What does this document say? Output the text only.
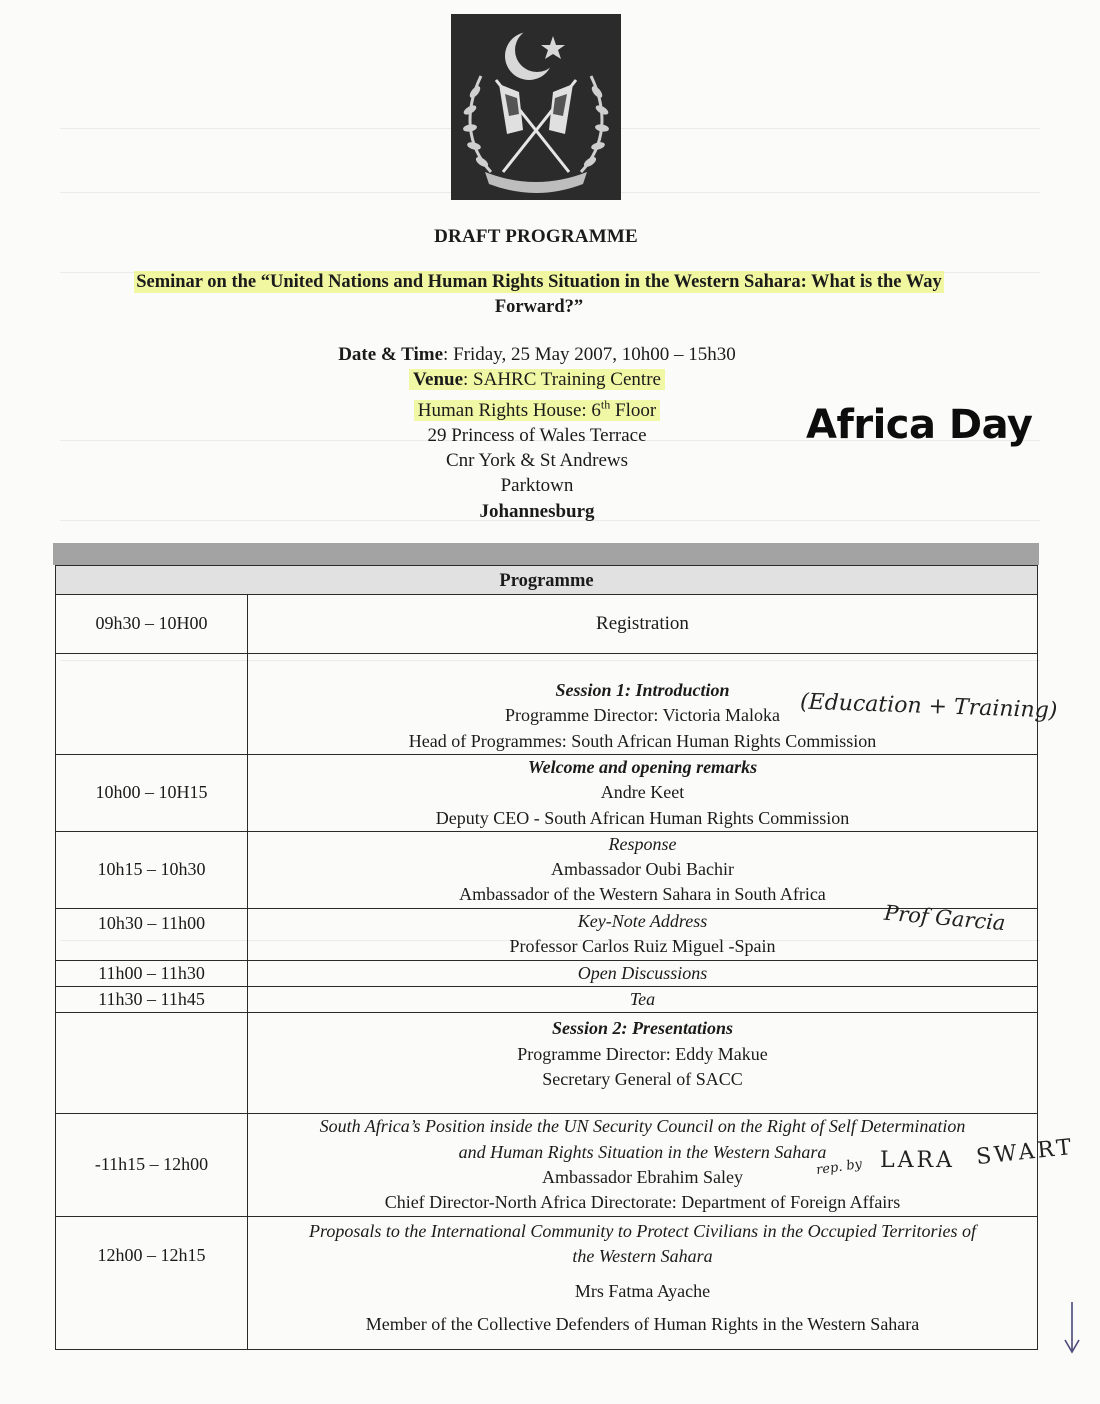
DRAFT PROGRAMME
Seminar on the “United Nations and Human Rights Situation in the Western Sahara: What is the Way
Forward?”
Date & Time: Friday, 25 May 2007, 10h00 – 15h30
Venue: SAHRC Training Centre
Human Rights House: 6th Floor
29 Princess of Wales Terrace
Cnr York & St Andrews
Parktown
Johannesburg
Africa Day
Programme	
09h30 – 10H00	Registration

	Session 1: Introduction
Programme Director: Victoria Maloka
Head of Programmes: South African Human Rights Commission

10h00 – 10H15	Welcome and opening remarks
Andre Keet
Deputy CEO - South African Human Rights Commission

10h15 – 10h30	Response
Ambassador Oubi Bachir
Ambassador of the Western Sahara in South Africa

10h30 – 11h00	Key-Note Address
Professor Carlos Ruiz Miguel -Spain

11h00 – 11h30	Open Discussions

11h30 – 11h45	Tea

	Session 2: Presentations
Programme Director: Eddy Makue
Secretary General of SACC

-11h15 – 12h00	South Africa’s Position inside the UN Security Council on the Right of Self Determination
and Human Rights Situation in the Western Sahara
Ambassador Ebrahim Saley
Chief Director-North Africa Directorate: Department of Foreign Affairs

12h00 – 12h15	Proposals to the International Community to Protect Civilians in the Occupied Territories of
the Western Sahara
Mrs Fatma Ayache
Member of the Collective Defenders of Human Rights in the Western Sahara
(Education + Training)
Prof Garcia
rep. by LARA SWART
